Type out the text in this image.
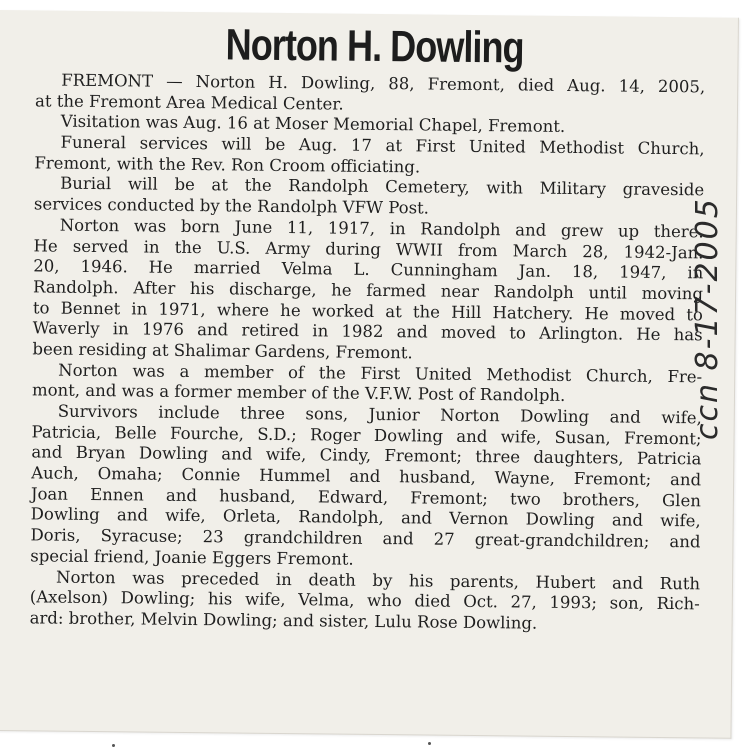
Norton H. Dowling
FREMONT — Norton H. Dowling, 88, Fremont, died Aug. 14, 2005,
at the Fremont Area Medical Center.
Visitation was Aug. 16 at Moser Memorial Chapel, Fremont.
Funeral services will be Aug. 17 at First United Methodist Church,
Fremont, with the Rev. Ron Croom officiating.
Burial will be at the Randolph Cemetery, with Military graveside
services conducted by the Randolph VFW Post.
Norton was born June 11, 1917, in Randolph and grew up there.
He served in the U.S. Army during WWII from March 28, 1942-Jan.
20, 1946. He married Velma L. Cunningham Jan. 18, 1947, in
Randolph. After his discharge, he farmed near Randolph until moving
to Bennet in 1971, where he worked at the Hill Hatchery. He moved to
Waverly in 1976 and retired in 1982 and moved to Arlington. He has
been residing at Shalimar Gardens, Fremont.
Norton was a member of the First United Methodist Church, Fre-
mont, and was a former member of the V.F.W. Post of Randolph.
Survivors include three sons, Junior Norton Dowling and wife,
Patricia, Belle Fourche, S.D.; Roger Dowling and wife, Susan, Fremont;
and Bryan Dowling and wife, Cindy, Fremont; three daughters, Patricia
Auch, Omaha; Connie Hummel and husband, Wayne, Fremont; and
Joan Ennen and husband, Edward, Fremont; two brothers, Glen
Dowling and wife, Orleta, Randolph, and Vernon Dowling and wife,
Doris, Syracuse; 23 grandchildren and 27 great-grandchildren; and
special friend, Joanie Eggers Fremont.
Norton was preceded in death by his parents, Hubert and Ruth
(Axelson) Dowling; his wife, Velma, who died Oct. 27, 1993; son, Rich-
ard: brother, Melvin Dowling; and sister, Lulu Rose Dowling.
